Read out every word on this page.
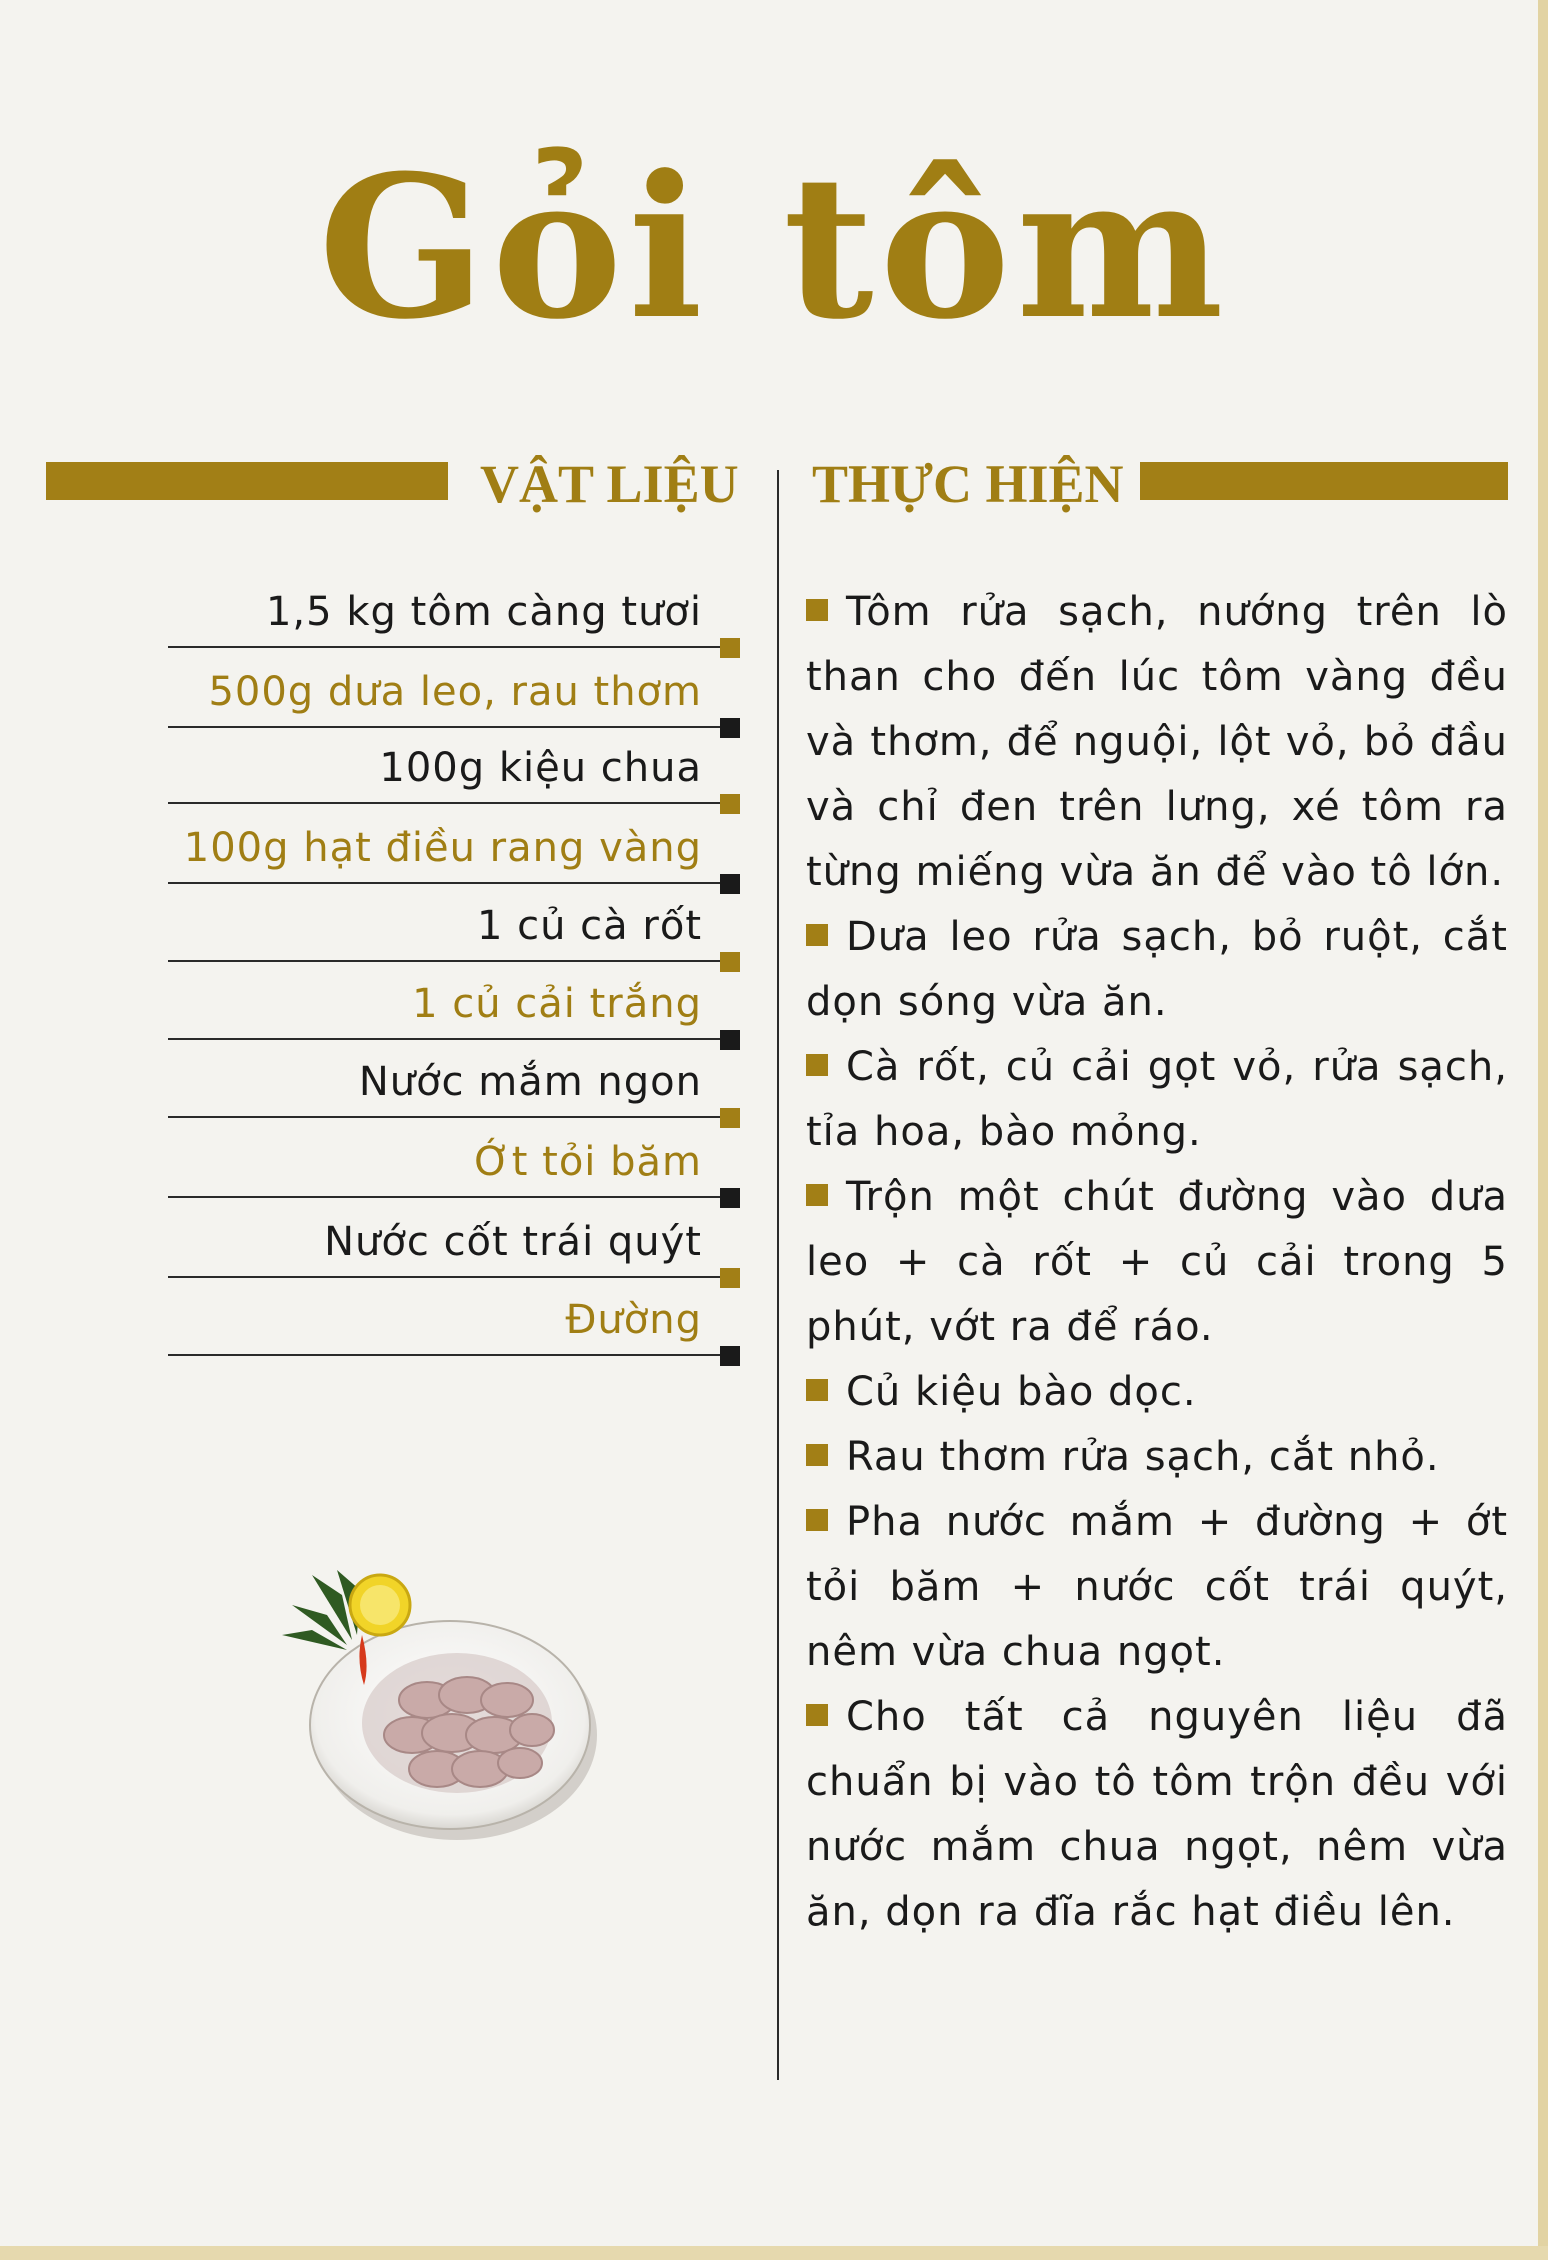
Gỏi tôm
VẬT LIỆU THỰC HIỆN
1,5 kg tôm càng tươi
500g dưa leo, rau thơm
100g kiệu chua
100g hạt điều rang vàng
1 củ cà rốt
1 củ cải trắng
Nước mắm ngon
Ớt tỏi băm
Nước cốt trái quýt
Đường

Tôm rửa sạch, nướng trên lò than cho đến lúc tôm vàng đều và thơm, để nguội, lột vỏ, bỏ đầu và chỉ đen trên lưng, xé tôm ra từng miếng vừa ăn để vào tô lớn.

Dưa leo rửa sạch, bỏ ruột, cắt dọn sóng vừa ăn.

Cà rốt, củ cải gọt vỏ, rửa sạch, tỉa hoa, bào mỏng.

Trộn một chút đường vào dưa leo + cà rốt + củ cải trong 5 phút, vớt ra để ráo.

Củ kiệu bào dọc.

Rau thơm rửa sạch, cắt nhỏ.

Pha nước mắm + đường + ớt tỏi băm + nước cốt trái quýt, nêm vừa chua ngọt.

Cho tất cả nguyên liệu đã chuẩn bị vào tô tôm trộn đều với nước mắm chua ngọt, nêm vừa ăn, dọn ra đĩa rắc hạt điều lên.
